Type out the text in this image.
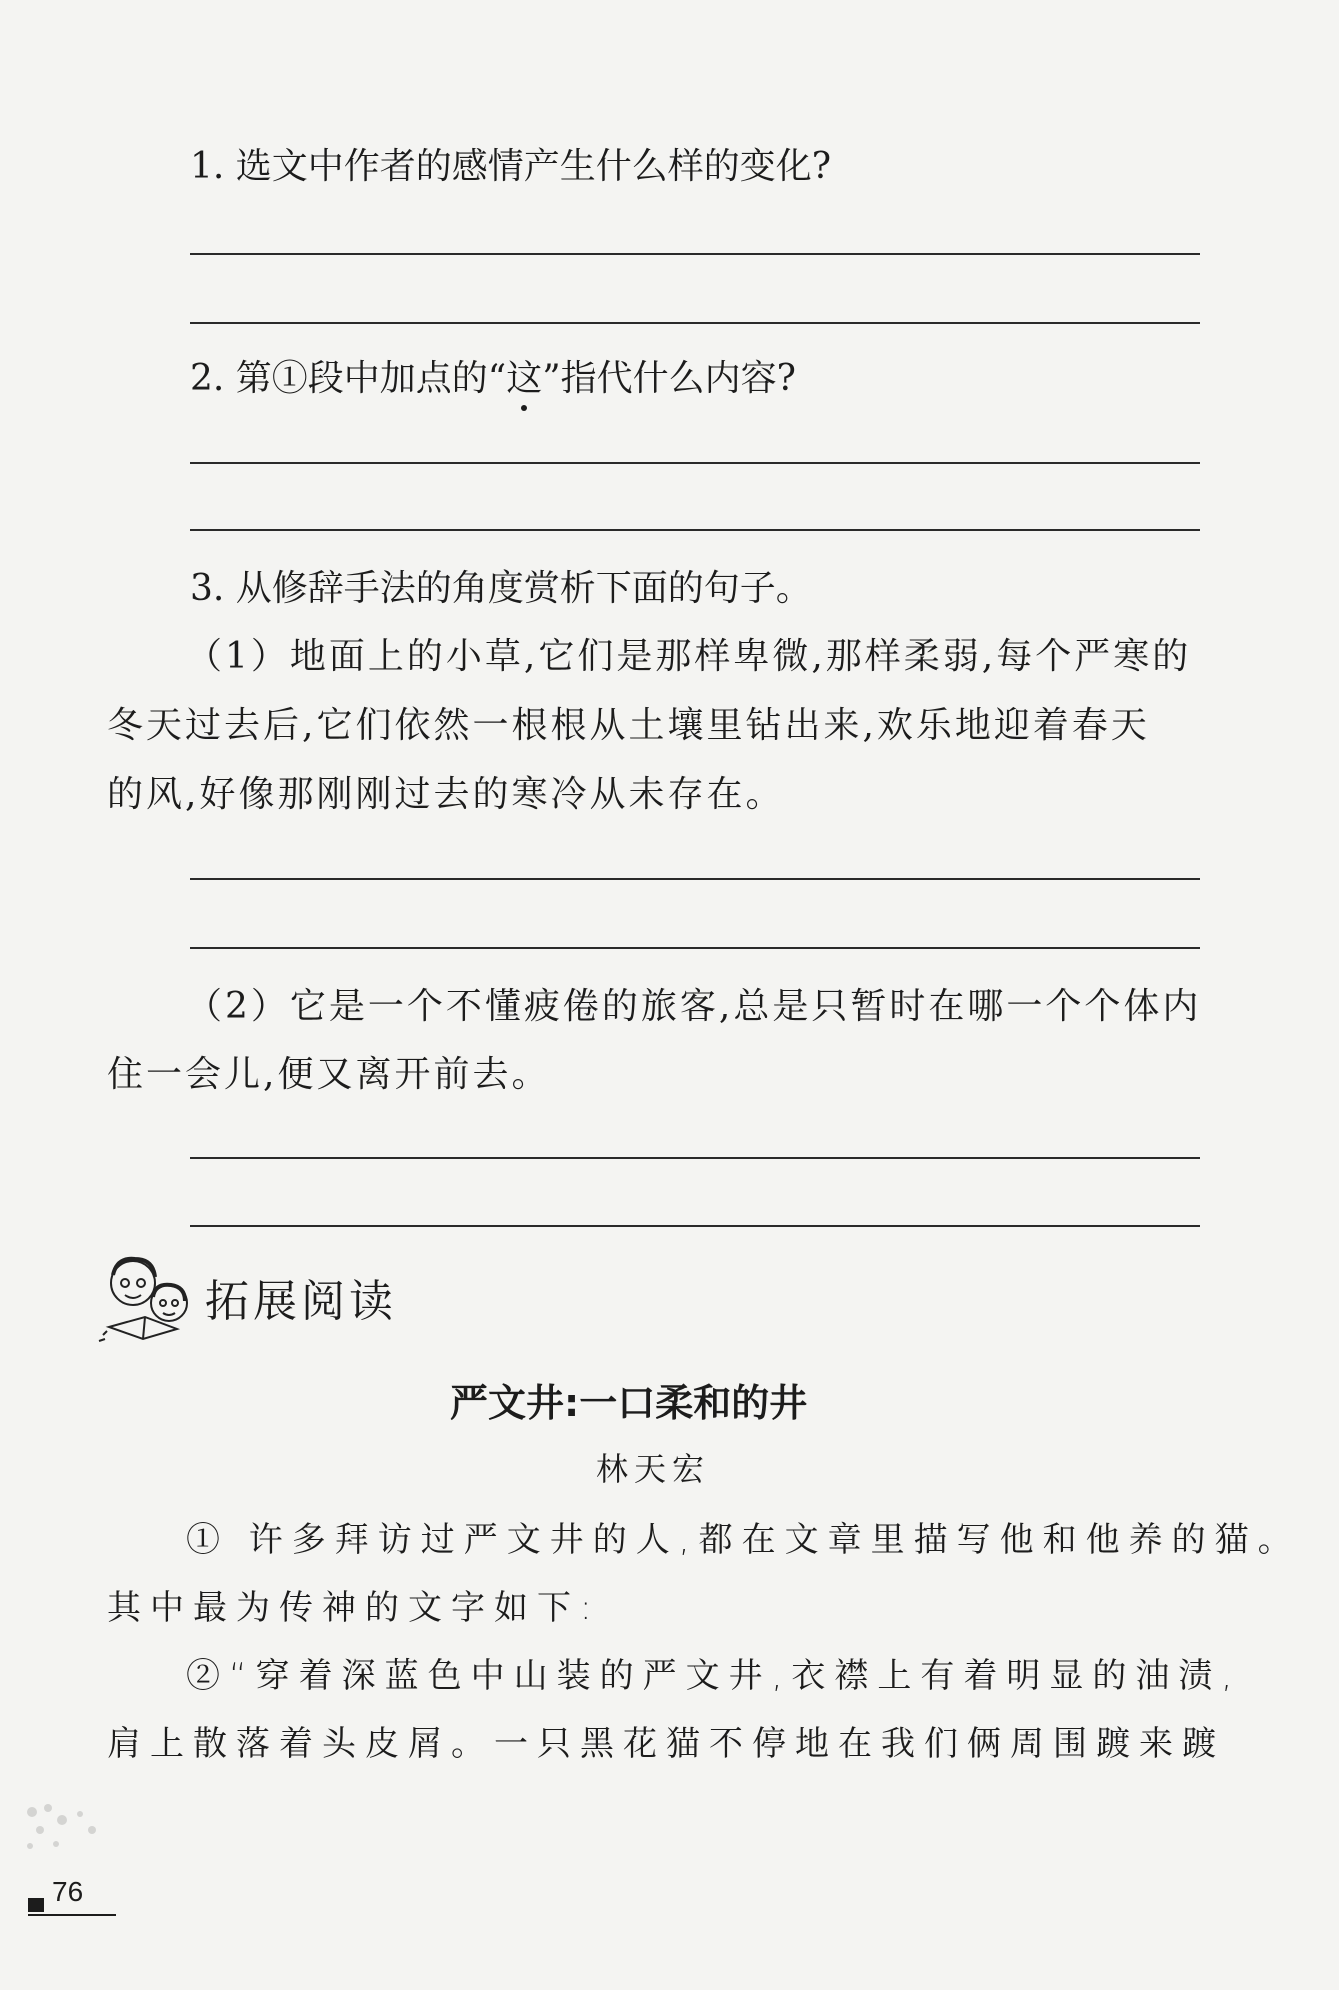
1. 选文中作者的感情产生什么样的变化?
2. 第①段中加点的“这”指代什么内容?
3. 从修辞手法的角度赏析下面的句子。
（1）地面上的小草,它们是那样卑微,那样柔弱,每个严寒的
冬天过去后,它们依然一根根从土壤里钻出来,欢乐地迎着春天
的风,好像那刚刚过去的寒冷从未存在。
（2）它是一个不懂疲倦的旅客,总是只暂时在哪一个个体内
住一会儿,便又离开前去。
拓展阅读
严文井:一口柔和的井
林天宏
① 许多拜访过严文井的人,都在文章里描写他和他养的猫。
其中最为传神的文字如下:
②“穿着深蓝色中山装的严文井,衣襟上有着明显的油渍,
肩上散落着头皮屑。一只黑花猫不停地在我们俩周围踱来踱
76
